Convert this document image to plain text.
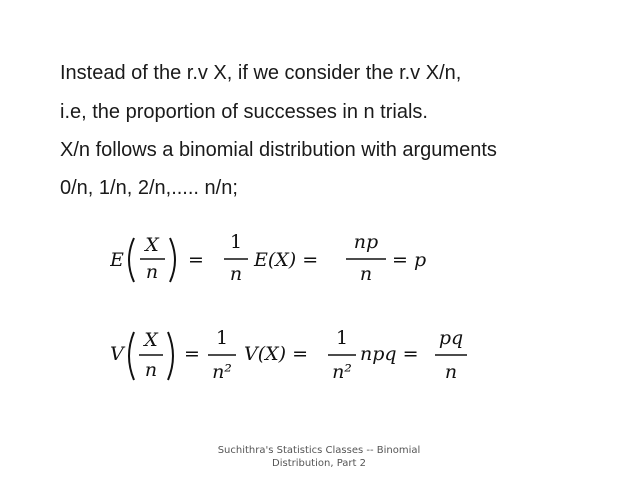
Instead of the r.v X, if we consider the r.v X/n,
i.e, the proportion of successes in n trials.
X/n follows a binomial distribution with arguments
0/n, 1/n, 2/n,..... n/n;
E
X
n
=
1
n
E(X) =
np
n
= p
V
X
n
=
1
n²
V(X) =
1
n²
npq =
pq
n
Suchithra's Statistics Classes -- Binomial
Distribution, Part 2
